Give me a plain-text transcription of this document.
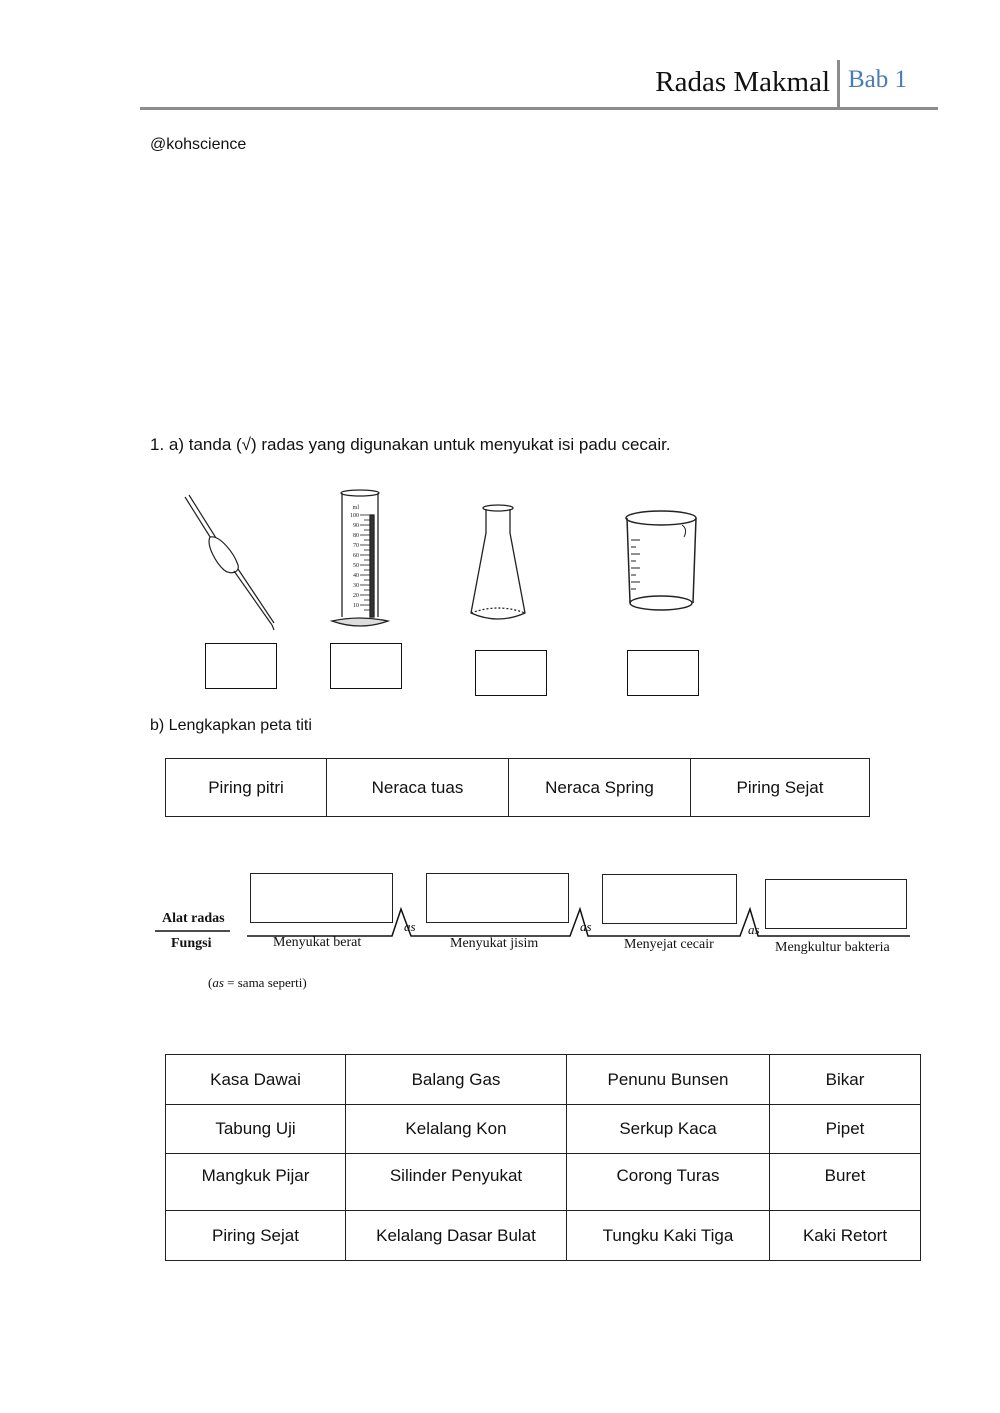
Radas Makmal Bab 1
@kohscience
1. a) tanda (√) radas yang digunakan untuk menyukat isi padu cecair.
ml
100
90
80
70
60
50
40
30
20
10
b) Lengkapkan peta titi
Piring pitri	Neraca tuas	Neraca Spring	Piring Sejat
Alat radas
Fungsi
as	as	as
Menyukat berat	Menyukat jisim	Menyejat cecair	Mengkultur bakteria
(as = sama seperti)
Kasa Dawai	Balang Gas	Penunu Bunsen	Bikar
Tabung Uji	Kelalang Kon	Serkup Kaca	Pipet
Mangkuk Pijar	Silinder Penyukat	Corong Turas	Buret
Piring Sejat	Kelalang Dasar Bulat	Tungku Kaki Tiga	Kaki Retort
